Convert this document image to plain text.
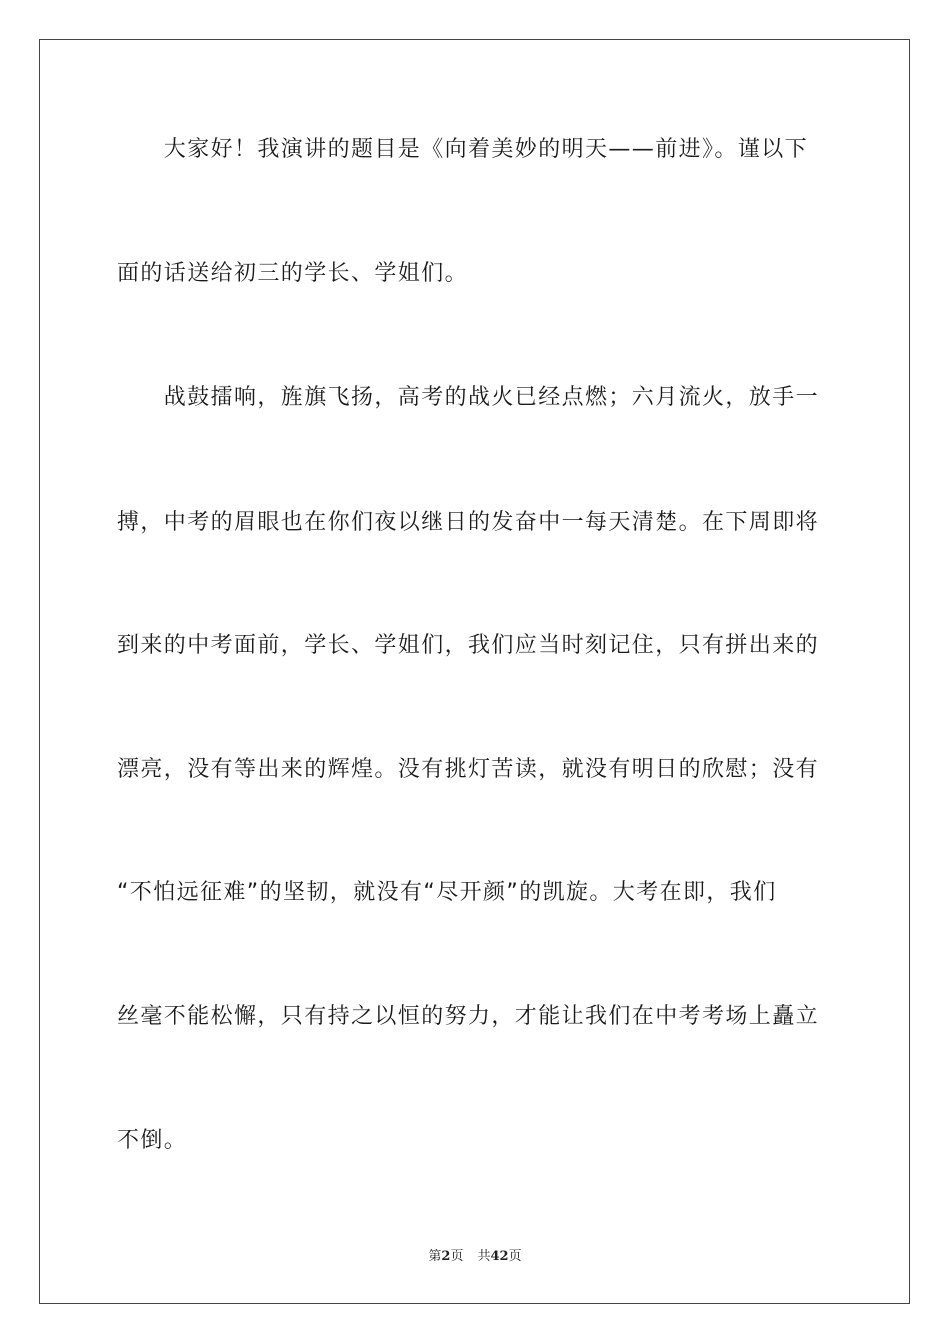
　　大家好！我演讲的题目是《向着美妙的明天——前进》。谨以下
面的话送给初三的学长、学姐们。
　　战鼓擂响，旌旗飞扬，高考的战火已经点燃；六月流火，放手一
搏，中考的眉眼也在你们夜以继日的发奋中一每天清楚。在下周即将
到来的中考面前，学长、学姐们，我们应当时刻记住，只有拼出来的
漂亮，没有等出来的辉煌。没有挑灯苦读，就没有明日的欣慰；没有
“不怕远征难”的坚韧，就没有“尽开颜”的凯旋。大考在即，我们
丝毫不能松懈，只有持之以恒的努力，才能让我们在中考考场上矗立
不倒。
第2页 共42页
